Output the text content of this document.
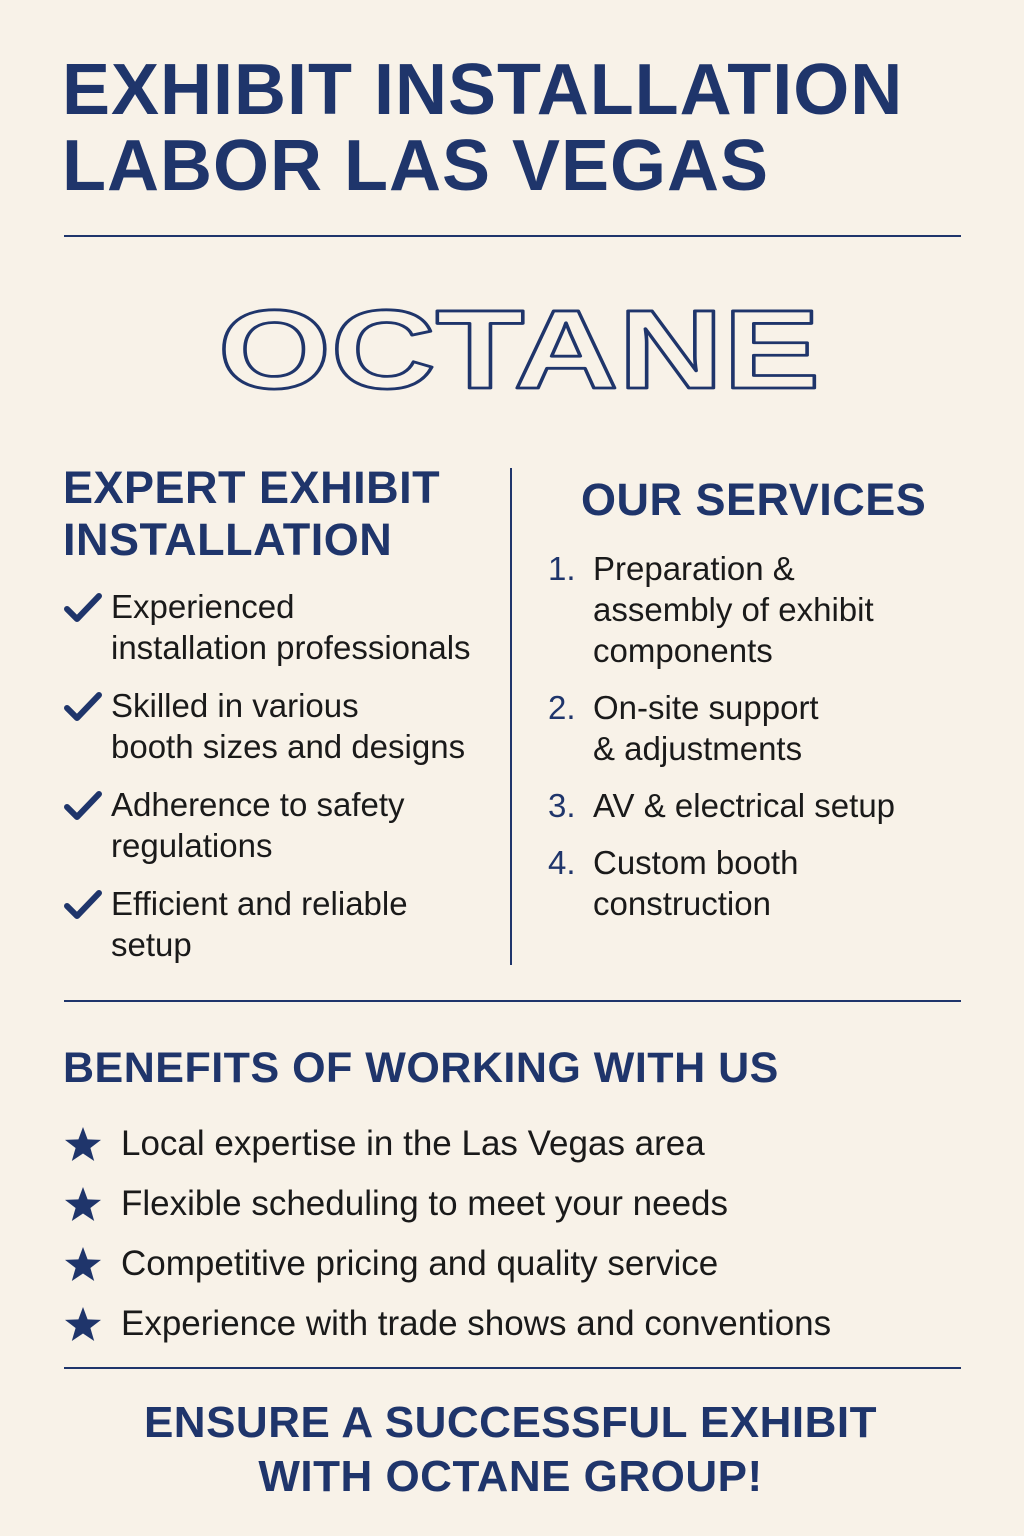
EXHIBIT INSTALLATION
LABOR LAS VEGAS
OCTANE
EXPERT EXHIBIT
INSTALLATION
Experienced
installation professionals
Skilled in various
booth sizes and designs
Adherence to safety
regulations
Efficient and reliable
setup
OUR SERVICES
1. Preparation &
assembly of exhibit
components
2. On-site support
& adjustments
3. AV & electrical setup
4. Custom booth
construction
BENEFITS OF WORKING WITH US
Local expertise in the Las Vegas area
Flexible scheduling to meet your needs
Competitive pricing and quality service
Experience with trade shows and conventions
ENSURE A SUCCESSFUL EXHIBIT
WITH OCTANE GROUP!
